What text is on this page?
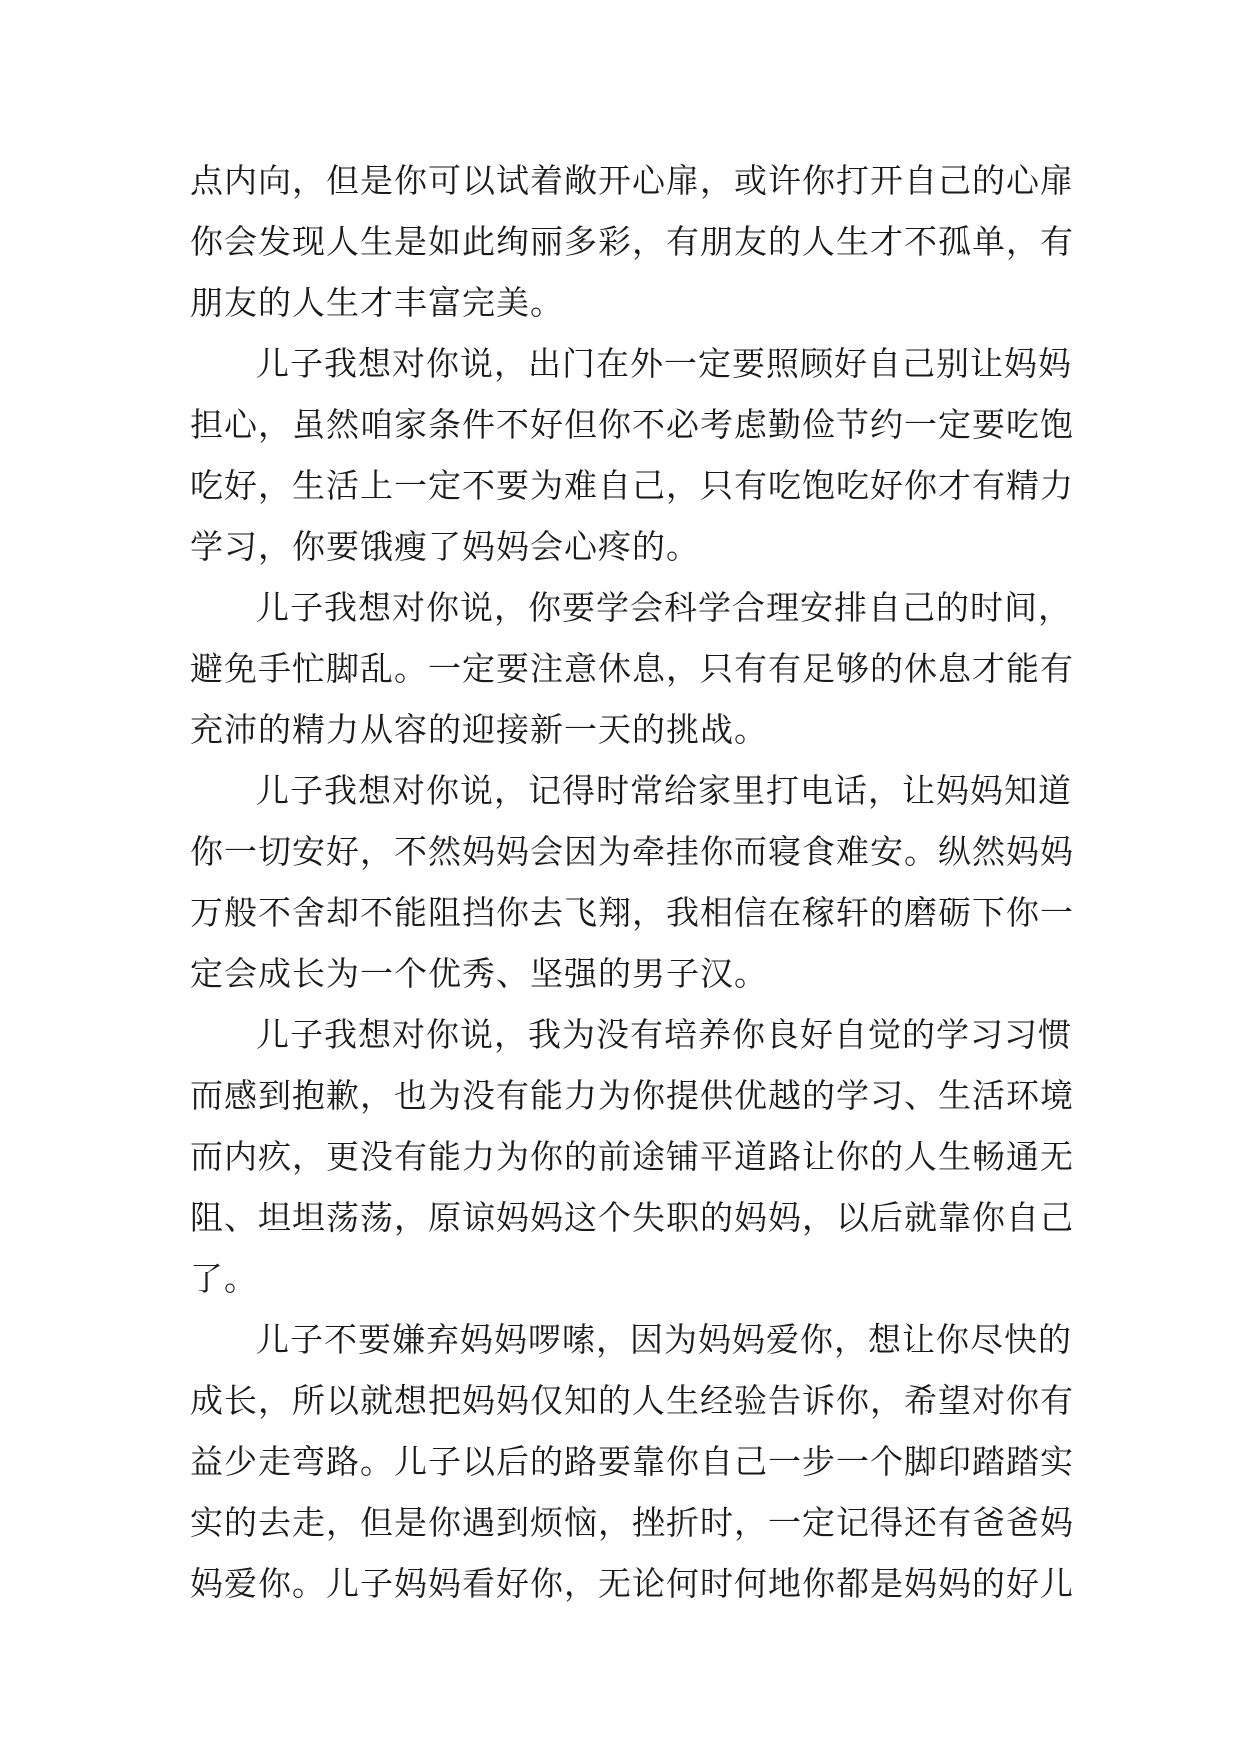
点内向，但是你可以试着敞开心扉，或许你打开自己的心扉
你会发现人生是如此绚丽多彩，有朋友的人生才不孤单，有
朋友的人生才丰富完美。
儿子我想对你说，出门在外一定要照顾好自己别让妈妈
担心，虽然咱家条件不好但你不必考虑勤俭节约一定要吃饱
吃好，生活上一定不要为难自己，只有吃饱吃好你才有精力
学习，你要饿瘦了妈妈会心疼的。
儿子我想对你说，你要学会科学合理安排自己的时间，
避免手忙脚乱。一定要注意休息，只有有足够的休息才能有
充沛的精力从容的迎接新一天的挑战。
儿子我想对你说，记得时常给家里打电话，让妈妈知道
你一切安好，不然妈妈会因为牵挂你而寝食难安。纵然妈妈
万般不舍却不能阻挡你去飞翔，我相信在稼轩的磨砺下你一
定会成长为一个优秀、坚强的男子汉。
儿子我想对你说，我为没有培养你良好自觉的学习习惯
而感到抱歉，也为没有能力为你提供优越的学习、生活环境
而内疚，更没有能力为你的前途铺平道路让你的人生畅通无
阻、坦坦荡荡，原谅妈妈这个失职的妈妈，以后就靠你自己
了。
儿子不要嫌弃妈妈啰嗦，因为妈妈爱你，想让你尽快的
成长，所以就想把妈妈仅知的人生经验告诉你，希望对你有
益少走弯路。儿子以后的路要靠你自己一步一个脚印踏踏实
实的去走，但是你遇到烦恼，挫折时，一定记得还有爸爸妈
妈爱你。儿子妈妈看好你，无论何时何地你都是妈妈的好儿
